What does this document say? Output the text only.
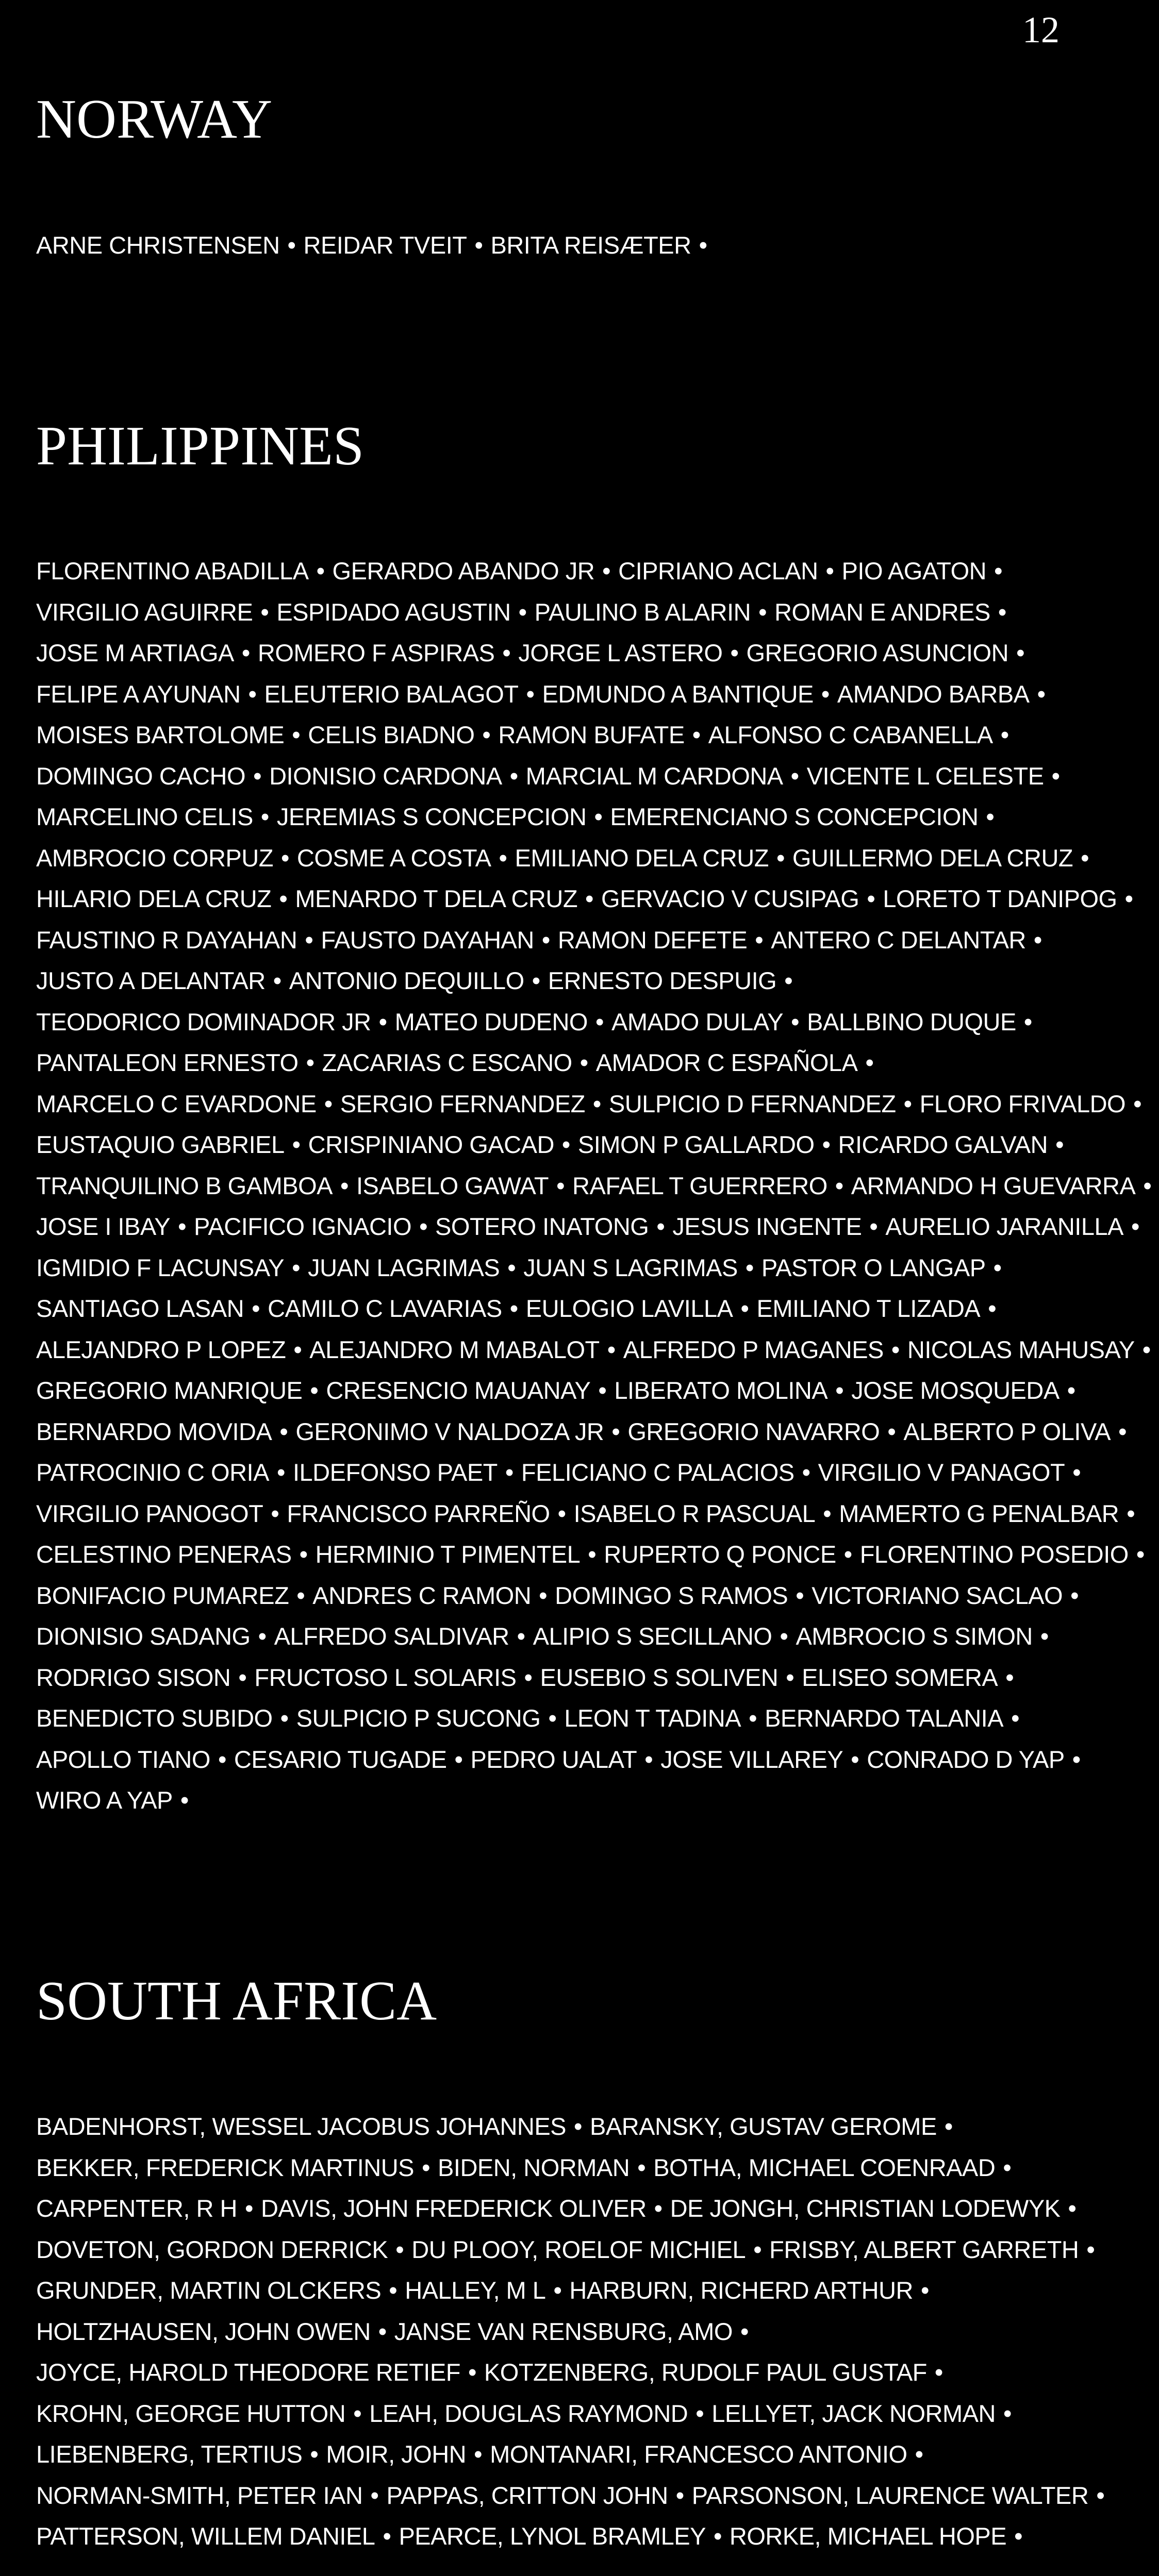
12
NORWAY
ARNE CHRISTENSEN • REIDAR TVEIT • BRITA REISÆTER •
PHILIPPINES
FLORENTINO ABADILLA • GERARDO ABANDO JR • CIPRIANO ACLAN • PIO AGATON •
VIRGILIO AGUIRRE • ESPIDADO AGUSTIN • PAULINO B ALARIN • ROMAN E ANDRES •
JOSE M ARTIAGA • ROMERO F ASPIRAS • JORGE L ASTERO • GREGORIO ASUNCION •
FELIPE A AYUNAN • ELEUTERIO BALAGOT • EDMUNDO A BANTIQUE • AMANDO BARBA •
MOISES BARTOLOME • CELIS BIADNO • RAMON BUFATE • ALFONSO C CABANELLA •
DOMINGO CACHO • DIONISIO CARDONA • MARCIAL M CARDONA • VICENTE L CELESTE •
MARCELINO CELIS • JEREMIAS S CONCEPCION • EMERENCIANO S CONCEPCION •
AMBROCIO CORPUZ • COSME A COSTA • EMILIANO DELA CRUZ • GUILLERMO DELA CRUZ •
HILARIO DELA CRUZ • MENARDO T DELA CRUZ • GERVACIO V CUSIPAG • LORETO T DANIPOG •
FAUSTINO R DAYAHAN • FAUSTO DAYAHAN • RAMON DEFETE • ANTERO C DELANTAR •
JUSTO A DELANTAR • ANTONIO DEQUILLO • ERNESTO DESPUIG •
TEODORICO DOMINADOR JR • MATEO DUDENO • AMADO DULAY • BALLBINO DUQUE •
PANTALEON ERNESTO • ZACARIAS C ESCANO • AMADOR C ESPAÑOLA •
MARCELO C EVARDONE • SERGIO FERNANDEZ • SULPICIO D FERNANDEZ • FLORO FRIVALDO •
EUSTAQUIO GABRIEL • CRISPINIANO GACAD • SIMON P GALLARDO • RICARDO GALVAN •
TRANQUILINO B GAMBOA • ISABELO GAWAT • RAFAEL T GUERRERO • ARMANDO H GUEVARRA •
JOSE I IBAY • PACIFICO IGNACIO • SOTERO INATONG • JESUS INGENTE • AURELIO JARANILLA •
IGMIDIO F LACUNSAY • JUAN LAGRIMAS • JUAN S LAGRIMAS • PASTOR O LANGAP •
SANTIAGO LASAN • CAMILO C LAVARIAS • EULOGIO LAVILLA • EMILIANO T LIZADA •
ALEJANDRO P LOPEZ • ALEJANDRO M MABALOT • ALFREDO P MAGANES • NICOLAS MAHUSAY •
GREGORIO MANRIQUE • CRESENCIO MAUANAY • LIBERATO MOLINA • JOSE MOSQUEDA •
BERNARDO MOVIDA • GERONIMO V NALDOZA JR • GREGORIO NAVARRO • ALBERTO P OLIVA •
PATROCINIO C ORIA • ILDEFONSO PAET • FELICIANO C PALACIOS • VIRGILIO V PANAGOT •
VIRGILIO PANOGOT • FRANCISCO PARREÑO • ISABELO R PASCUAL • MAMERTO G PENALBAR •
CELESTINO PENERAS • HERMINIO T PIMENTEL • RUPERTO Q PONCE • FLORENTINO POSEDIO •
BONIFACIO PUMAREZ • ANDRES C RAMON • DOMINGO S RAMOS • VICTORIANO SACLAO •
DIONISIO SADANG • ALFREDO SALDIVAR • ALIPIO S SECILLANO • AMBROCIO S SIMON •
RODRIGO SISON • FRUCTOSO L SOLARIS • EUSEBIO S SOLIVEN • ELISEO SOMERA •
BENEDICTO SUBIDO • SULPICIO P SUCONG • LEON T TADINA • BERNARDO TALANIA •
APOLLO TIANO • CESARIO TUGADE • PEDRO UALAT • JOSE VILLAREY • CONRADO D YAP •
WIRO A YAP •
SOUTH AFRICA
BADENHORST, WESSEL JACOBUS JOHANNES • BARANSKY, GUSTAV GEROME •
BEKKER, FREDERICK MARTINUS • BIDEN, NORMAN • BOTHA, MICHAEL COENRAAD •
CARPENTER, R H • DAVIS, JOHN FREDERICK OLIVER • DE JONGH, CHRISTIAN LODEWYK •
DOVETON, GORDON DERRICK • DU PLOOY, ROELOF MICHIEL • FRISBY, ALBERT GARRETH •
GRUNDER, MARTIN OLCKERS • HALLEY, M L • HARBURN, RICHERD ARTHUR •
HOLTZHAUSEN, JOHN OWEN • JANSE VAN RENSBURG, AMO •
JOYCE, HAROLD THEODORE RETIEF • KOTZENBERG, RUDOLF PAUL GUSTAF •
KROHN, GEORGE HUTTON • LEAH, DOUGLAS RAYMOND • LELLYET, JACK NORMAN •
LIEBENBERG, TERTIUS • MOIR, JOHN • MONTANARI, FRANCESCO ANTONIO •
NORMAN-SMITH, PETER IAN • PAPPAS, CRITTON JOHN • PARSONSON, LAURENCE WALTER •
PATTERSON, WILLEM DANIEL • PEARCE, LYNOL BRAMLEY • RORKE, MICHAEL HOPE •
